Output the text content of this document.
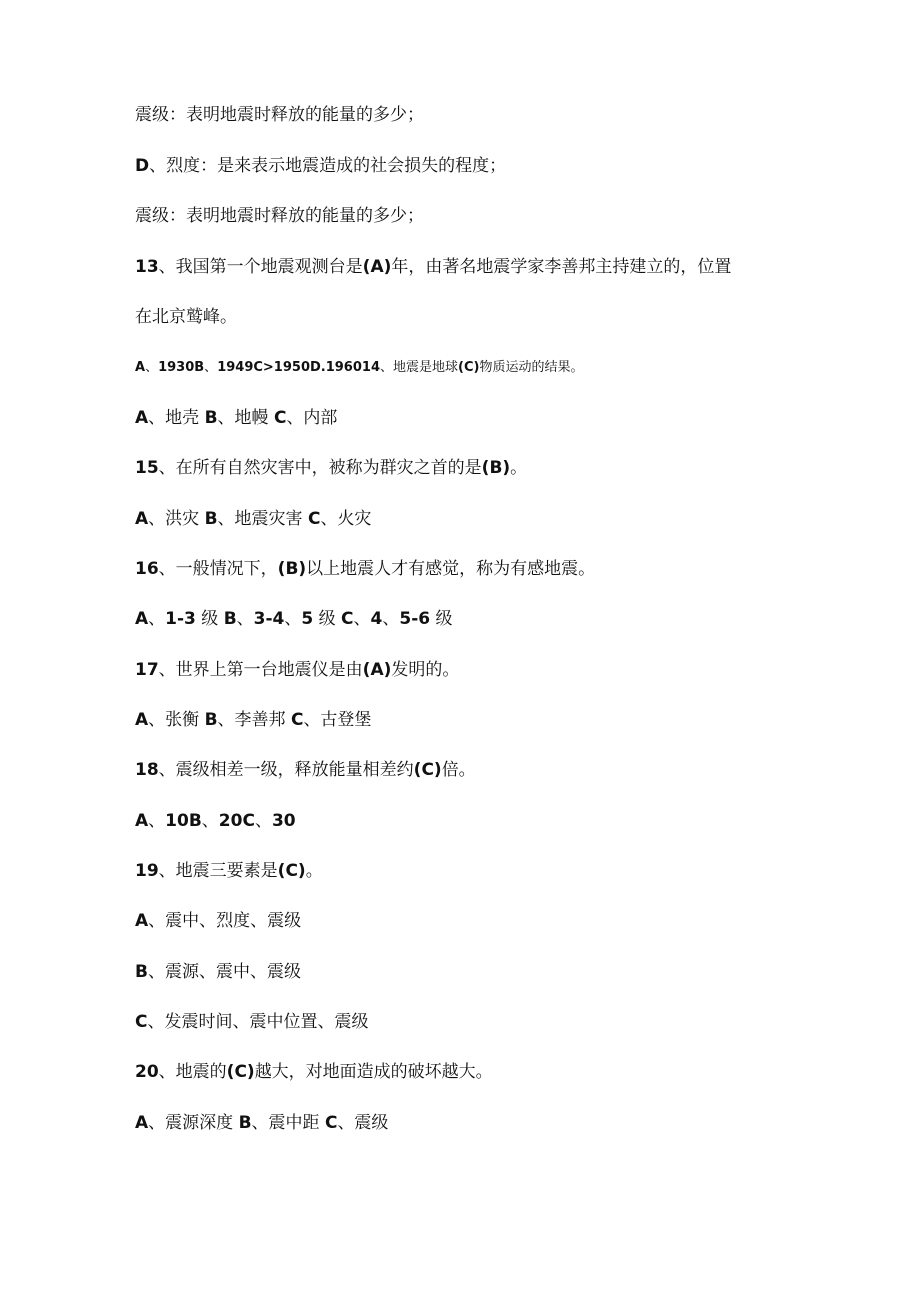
震级：表明地震时释放的能量的多少；
D、烈度：是来表示地震造成的社会损失的程度；
震级：表明地震时释放的能量的多少；
13、我国第一个地震观测台是(A)年，由著名地震学家李善邦主持建立的，位置
在北京鹫峰。
A、1930B、1949C>1950D.196014、地震是地球(C)物质运动的结果。
A、地壳 B、地幔 C、内部
15、在所有自然灾害中，被称为群灾之首的是(B)。
A、洪灾 B、地震灾害 C、火灾
16、一般情况下，(B)以上地震人才有感觉，称为有感地震。
A、1-3 级 B、3-4、5 级 C、4、5-6 级
17、世界上第一台地震仪是由(A)发明的。
A、张衡 B、李善邦 C、古登堡
18、震级相差一级，释放能量相差约(C)倍。
A、10B、20C、30
19、地震三要素是(C)。
A、震中、烈度、震级
B、震源、震中、震级
C、发震时间、震中位置、震级
20、地震的(C)越大，对地面造成的破坏越大。
A、震源深度 B、震中距 C、震级
